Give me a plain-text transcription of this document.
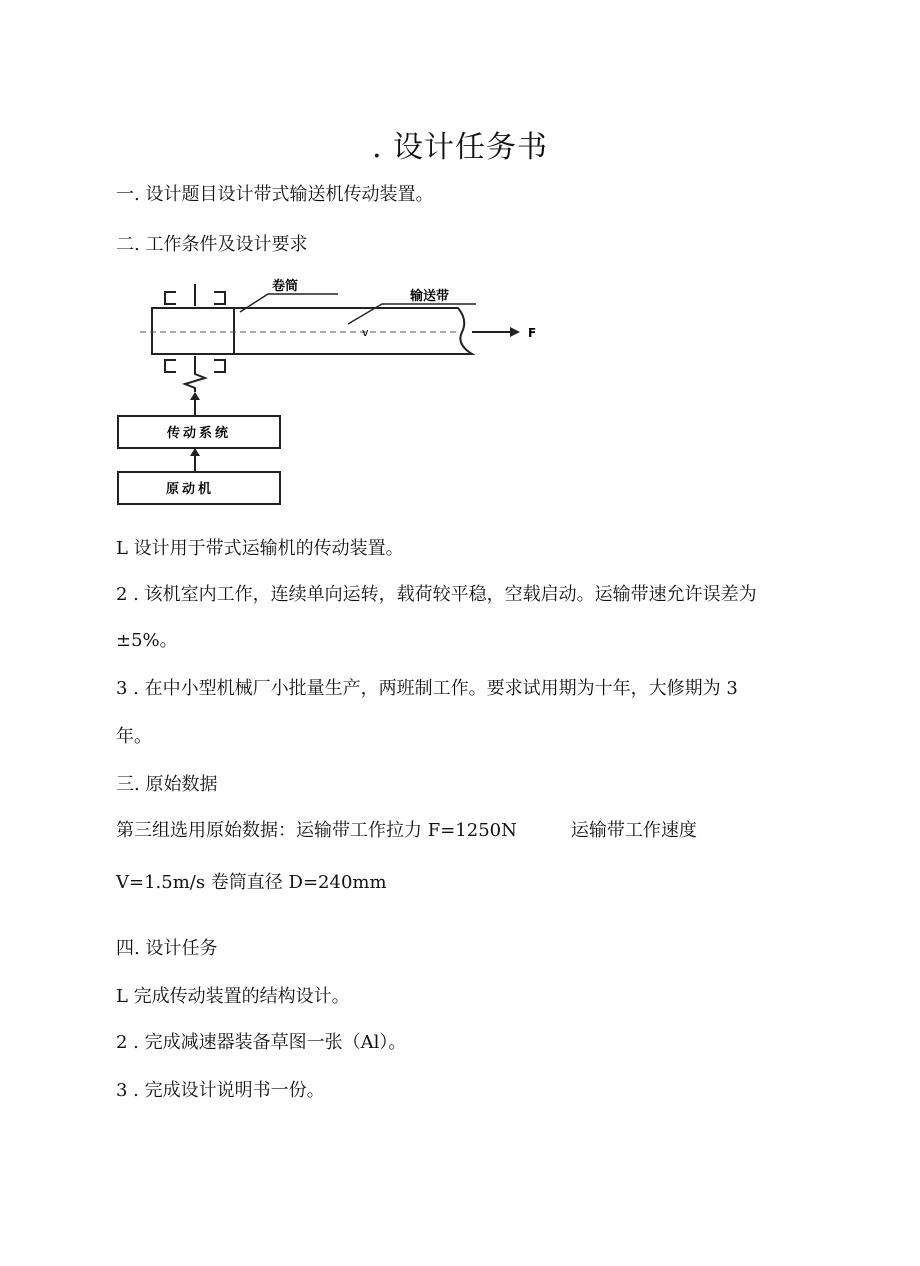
. 设计任务书
一. 设计题目设计带式输送机传动装置。
二. 工作条件及设计要求
卷筒
输送带
v	F
传动系统
原动机
L 设计用于带式运输机的传动装置。
2 . 该机室内工作，连续单向运转，载荷较平稳，空载启动。运输带速允许误差为
±5%。
3 . 在中小型机械厂小批量生产，两班制工作。要求试用期为十年，大修期为 3
年。
三. 原始数据
第三组选用原始数据：运输带工作拉力 F=1250N	运输带工作速度
V=1.5m/s 卷筒直径 D=240mm
四. 设计任务
L 完成传动装置的结构设计。
2 . 完成减速器装备草图一张（Al）。
3 . 完成设计说明书一份。
